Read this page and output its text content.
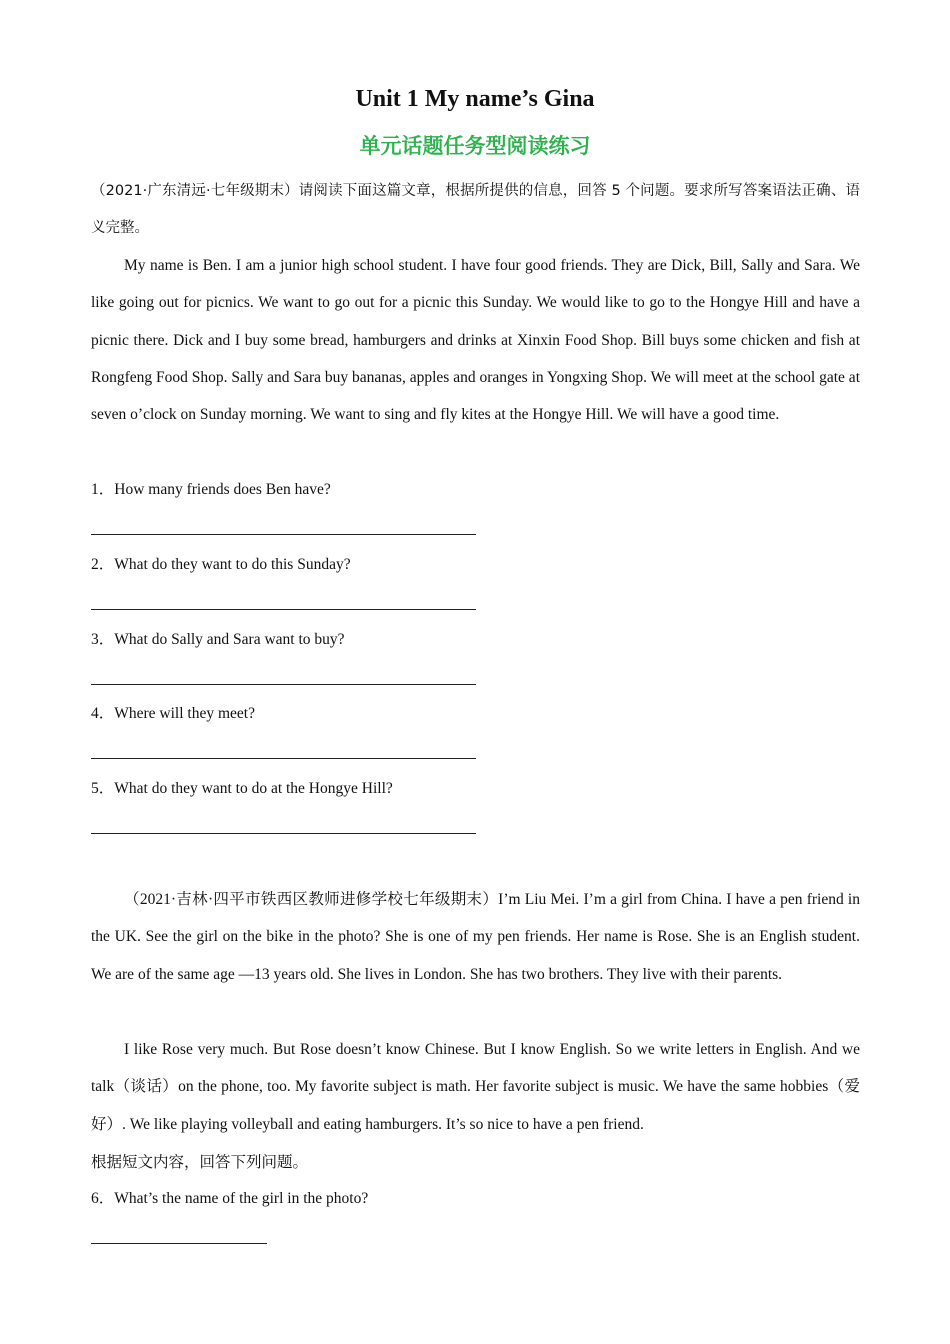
Unit 1 My name’s Gina
单元话题任务型阅读练习

（2021·广东清远·七年级期末）请阅读下面这篇文章，根据所提供的信息，回答 5 个问题。要求所写答案语法正确、语义完整。

My name is Ben. I am a junior high school student. I have four good friends. They are Dick, Bill, Sally and Sara. We like going out for picnics. We want to go out for a picnic this Sunday. We would like to go to the Hongye Hill and have a picnic there. Dick and I buy some bread, hamburgers and drinks at Xinxin Food Shop. Bill buys some chicken and fish at Rongfeng Food Shop. Sally and Sara buy bananas, apples and oranges in Yongxing Shop. We will meet at the school gate at seven o’clock on Sunday morning. We want to sing and fly kites at the Hongye Hill. We will have a good time.

1．How many friends does Ben have?

2．What do they want to do this Sunday?

3．What do Sally and Sara want to buy?

4．Where will they meet?

5．What do they want to do at the Hongye Hill?

（2021·吉林·四平市铁西区教师进修学校七年级期末）I’m Liu Mei. I’m a girl from China. I have a pen friend in the UK. See the girl on the bike in the photo? She is one of my pen friends. Her name is Rose. She is an English student. We are of the same age —13 years old. She lives in London. She has two brothers. They live with their parents.

I like Rose very much. But Rose doesn’t know Chinese. But I know English. So we write letters in English. And we talk（谈话）on the phone, too. My favorite subject is math. Her favorite subject is music. We have the same hobbies（爱好）. We like playing volleyball and eating hamburgers. It’s so nice to have a pen friend.

根据短文内容，回答下列问题。

6．What’s the name of the girl in the photo?
